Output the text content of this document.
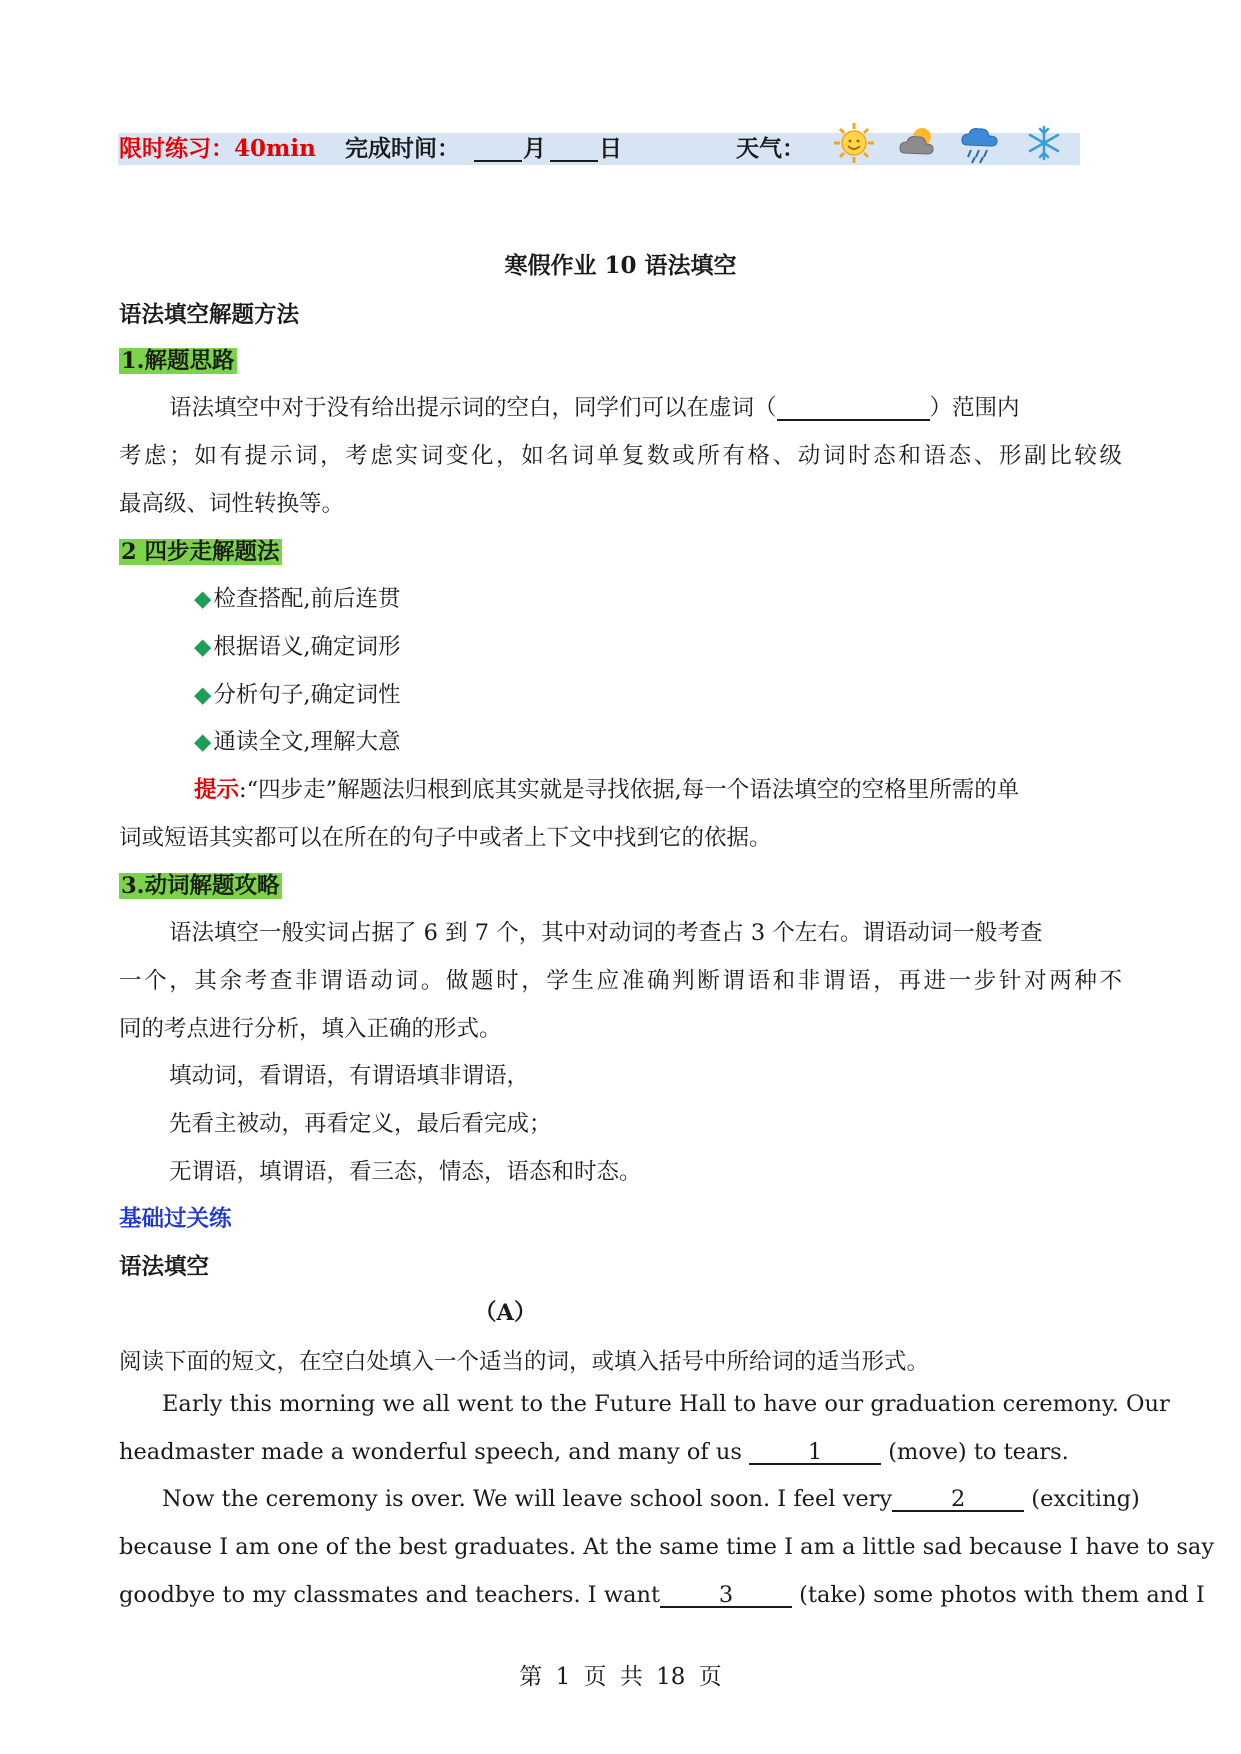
限时练习：40min 完成时间：	月 日	天气：
寒假作业 10 语法填空
语法填空解题方法
1.解题思路
语法填空中对于没有给出提示词的空白，同学们可以在虚词（	）范围内
考虑；如有提示词，考虑实词变化，如名词单复数或所有格、动词时态和语态、形副比较级
最高级、词性转换等。
2 四步走解题法
◆检查搭配,前后连贯
◆根据语义,确定词形
◆分析句子,确定词性
◆通读全文,理解大意
提示:“四步走”解题法归根到底其实就是寻找依据,每一个语法填空的空格里所需的单
词或短语其实都可以在所在的句子中或者上下文中找到它的依据。
3.动词解题攻略
语法填空一般实词占据了 6 到 7 个，其中对动词的考查占 3 个左右。谓语动词一般考查
一个，其余考查非谓语动词。做题时，学生应准确判断谓语和非谓语，再进一步针对两种不
同的考点进行分析，填入正确的形式。
填动词，看谓语，有谓语填非谓语，
先看主被动，再看定义，最后看完成；
无谓语，填谓语，看三态，情态，语态和时态。
基础过关练
语法填空
（A）
阅读下面的短文，在空白处填入一个适当的词，或填入括号中所给词的适当形式。
Early this morning we all went to the Future Hall to have our graduation ceremony. Our
headmaster made a wonderful speech, and many of us	1	(move) to tears.
Now the ceremony is over. We will leave school soon. I feel very	2	(exciting)
because I am one of the best graduates. At the same time I am a little sad because I have to say
goodbye to my classmates and teachers. I want	3	(take) some photos with them and I
第 1 页 共 18 页
